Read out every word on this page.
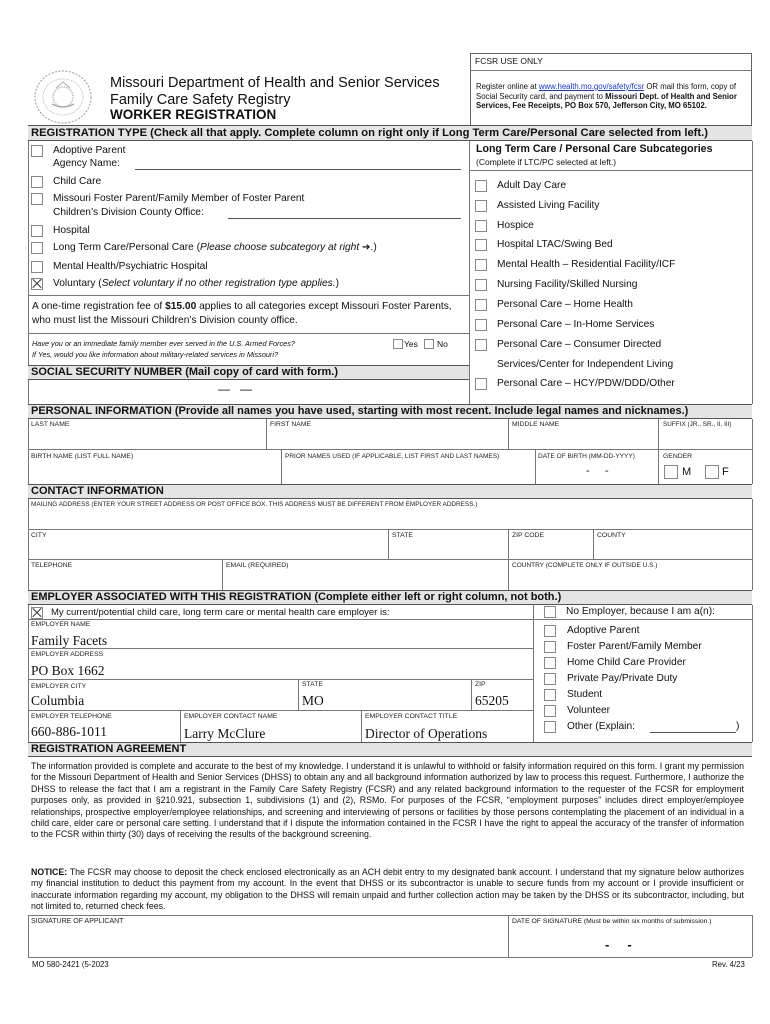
Missouri Department of Health and Senior Services
Family Care Safety Registry
WORKER REGISTRATION
FCSR USE ONLY
Register online at www.health.mo.gov/safety/fcsr OR mail this form, copy of Social Security card, and payment to Missouri Dept. of Health and Senior Services, Fee Receipts, PO Box 570, Jefferson City, MO 65102.
REGISTRATION TYPE (Check all that apply. Complete column on right only if Long Term Care/Personal Care selected from left.)
Adoptive Parent
Agency Name:
Child Care
Missouri Foster Parent/Family Member of Foster Parent
Children’s Division County Office:
Hospital
Long Term Care/Personal Care (Please choose subcategory at right ➔.)
Mental Health/Psychiatric Hospital
Voluntary (Select voluntary if no other registration type applies.)
A one-time registration fee of $15.00 applies to all categories except Missouri Foster Parents, who must list the Missouri Children’s Division county office.
Have you or an immediate family member ever served in the U.S. Armed Forces?
If Yes, would you like information about military-related services in Missouri?
Yes No
SOCIAL SECURITY NUMBER (Mail copy of card with form.)
—   —
Long Term Care / Personal Care Subcategories
(Complete if LTC/PC selected at left.)
Adult Day Care
Assisted Living Facility
Hospice
Hospital LTAC/Swing Bed
Mental Health – Residential Facility/ICF
Nursing Facility/Skilled Nursing
Personal Care – Home Health
Personal Care – In-Home Services
Personal Care – Consumer Directed
Services/Center for Independent Living
Personal Care – HCY/PDW/DDD/Other
PERSONAL INFORMATION (Provide all names you have used, starting with most recent. Include legal names and nicknames.)
LAST NAME	FIRST NAME	MIDDLE NAME	SUFFIX (JR., SR., II, III)
BIRTH NAME (LIST FULL NAME)	PRIOR NAMES USED (IF APPLICABLE, LIST FIRST AND LAST NAMES)	DATE OF BIRTH (MM-DD-YYYY)
-     -
GENDER
M	F
CONTACT INFORMATION
MAILING ADDRESS (ENTER YOUR STREET ADDRESS OR POST OFFICE BOX. THIS ADDRESS MUST BE DIFFERENT FROM EMPLOYER ADDRESS.)
CITY	STATE	ZIP CODE	COUNTY
TELEPHONE	EMAIL (REQUIRED)	COUNTRY (COMPLETE ONLY IF OUTSIDE U.S.)
EMPLOYER ASSOCIATED WITH THIS REGISTRATION (Complete either left or right column, not both.)
My current/potential child care, long term care or mental health care employer is:
EMPLOYER NAME
Family Facets
EMPLOYER ADDRESS
PO Box 1662
EMPLOYER CITY
Columbia
STATE
MO
ZIP
65205
EMPLOYER TELEPHONE
660-886-1011
EMPLOYER CONTACT NAME
Larry McClure
EMPLOYER CONTACT TITLE
Director of Operations
No Employer, because I am a(n):
Adoptive Parent
Foster Parent/Family Member
Home Child Care Provider
Private Pay/Private Duty
Student
Volunteer
Other (Explain:	)
REGISTRATION AGREEMENT
The information provided is complete and accurate to the best of my knowledge. I understand it is unlawful to withhold or falsify information required on this form. I grant my permission for the Missouri Department of Health and Senior Services (DHSS) to obtain any and all background information authorized by law to process this request. Furthermore, I authorize the DHSS to release the fact that I am a registrant in the Family Care Safety Registry (FCSR) and any related background information to the requester of the FCSR for employment purposes only, as provided in §210.921, subsection 1, subdivisions (1) and (2), RSMo. For purposes of the FCSR, “employment purposes” includes direct employer/employee relationships, prospective employer/employee relationships, and screening and interviewing of persons or facilities by those persons contemplating the placement of an individual in a child care, elder care or personal care setting. I understand that if I dispute the information contained in the FCSR I have the right to appeal the accuracy of the transfer of information to the FCSR within thirty (30) days of receiving the results of the background screening.
NOTICE: The FCSR may choose to deposit the check enclosed electronically as an ACH debit entry to my designated bank account. I understand that my signature below authorizes my financial institution to deduct this payment from my account. In the event that DHSS or its subcontractor is unable to secure funds from my account or I provide insufficient or inaccurate information regarding my account, my obligation to the DHSS will remain unpaid and further collection action may be taken by the DHSS or its subcontractor, including, but not limited to, returned check fees.
SIGNATURE OF APPLICANT	DATE OF SIGNATURE (Must be within six months of submission.)
-     -
MO 580-2421 (5-2023	Rev. 4/23
